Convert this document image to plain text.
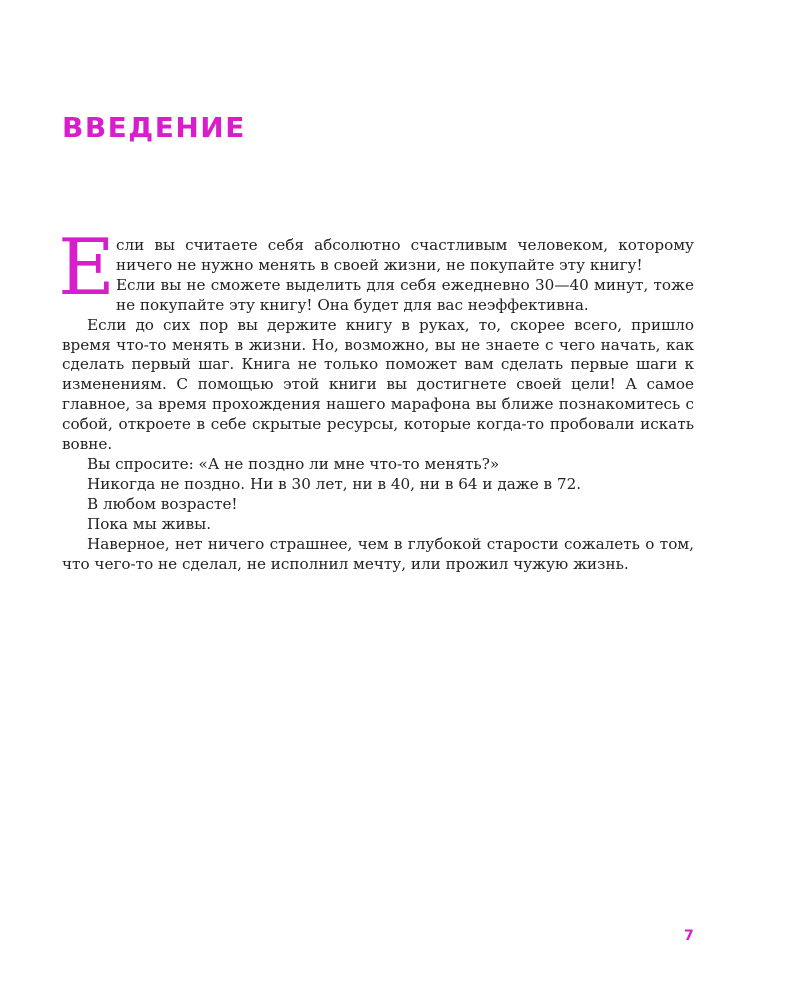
ВВЕДЕНИЕ

Если вы считаете себя абсолютно счастливым человеком, которому ничего не нужно менять в своей жизни, не покупайте эту книгу!

Если вы не сможете выделить для себя ежедневно 30—40 минут, тоже не покупайте эту книгу! Она будет для вас неэффективна.

Если до сих пор вы держите книгу в руках, то, скорее всего, пришло время что-то менять в жизни. Но, возможно, вы не знаете с чего начать, как сделать первый шаг. Книга не только поможет вам сделать первые шаги к изменениям. С помощью этой книги вы достигнете своей цели! А самое главное, за время прохождения нашего марафона вы ближе познакомитесь с собой, откроете в себе скрытые ресурсы, которые когда-то пробовали искать вовне.

Вы спросите: «А не поздно ли мне что-то менять?»

Никогда не поздно. Ни в 30 лет, ни в 40, ни в 64 и даже в 72.

В любом возрасте!

Пока мы живы.

Наверное, нет ничего страшнее, чем в глубокой старости сожалеть о том, что чего-то не сделал, не исполнил мечту, или прожил чужую жизнь.

7
